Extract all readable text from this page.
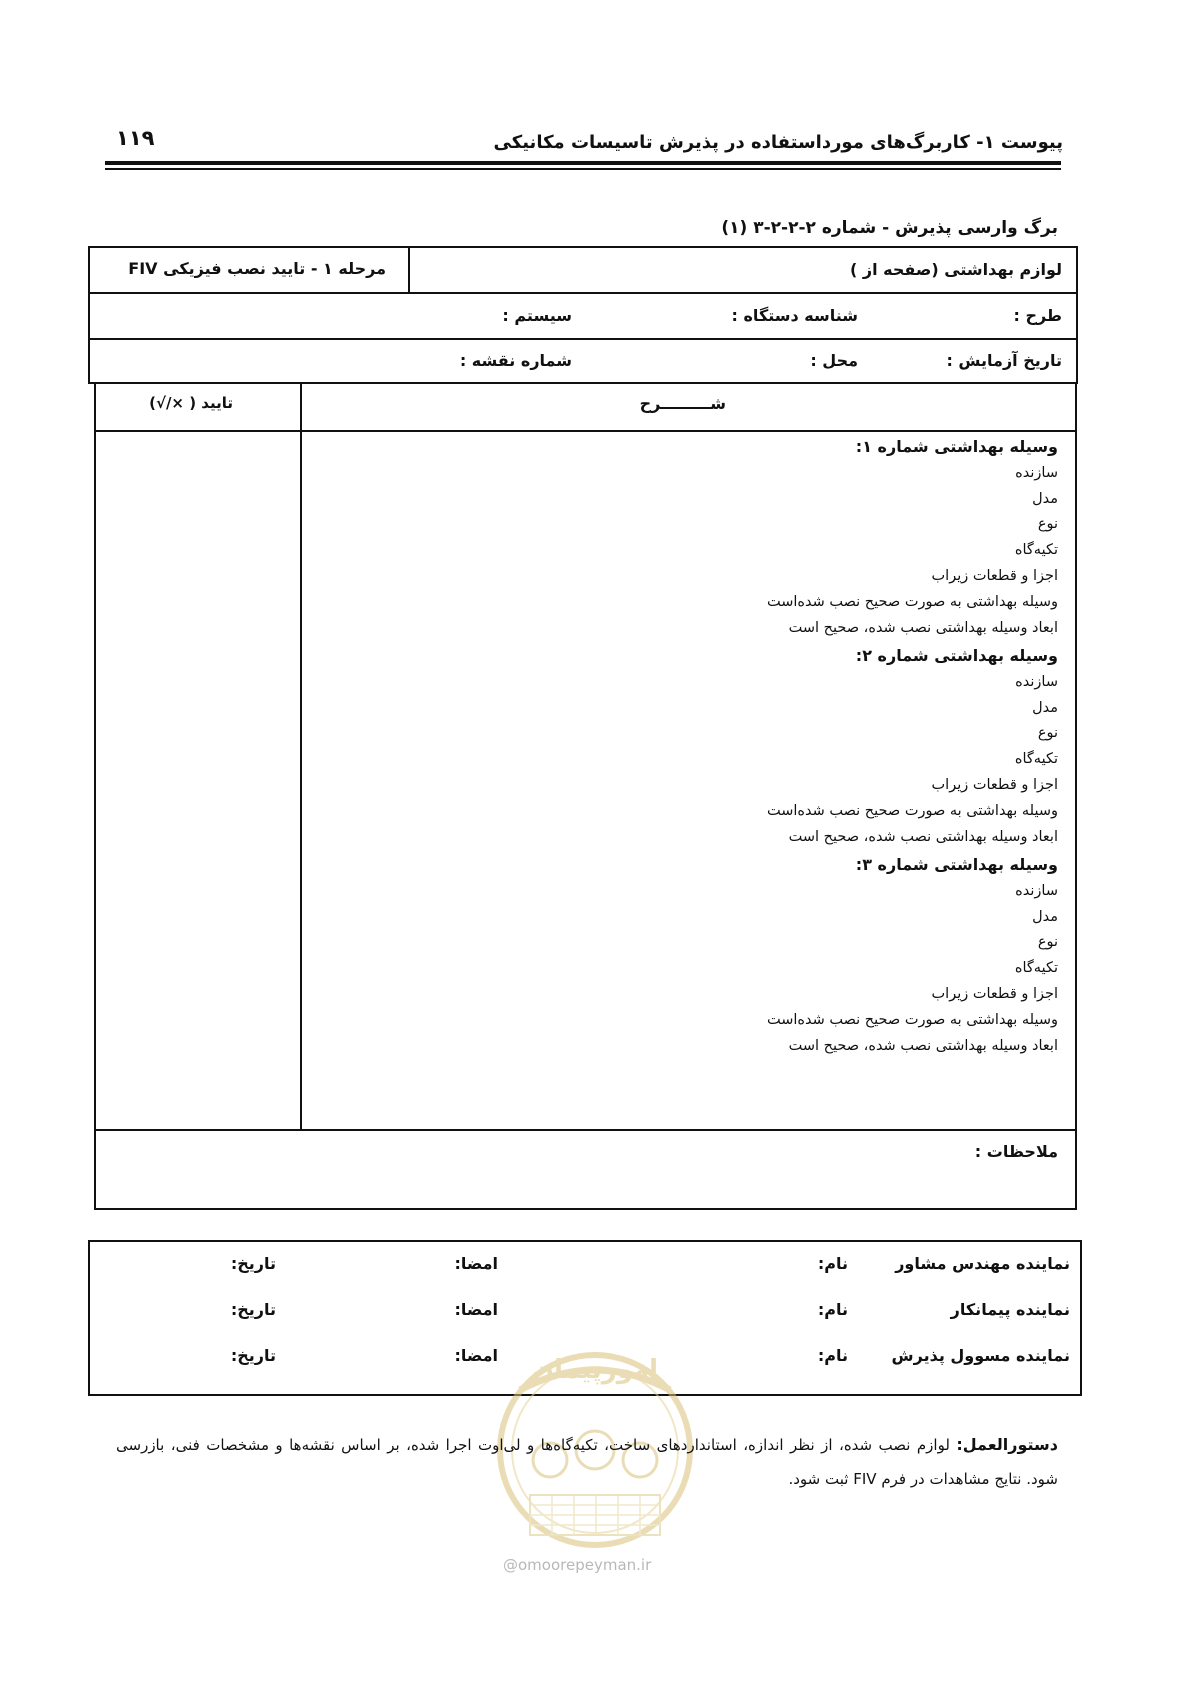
۱۱۹	پیوست ۱- کاربرگ‌های مورداستفاده در پذیرش تاسیسات مکانیکی
برگ وارسی پذیرش - شماره ۲-۲-۲-۳ (۱)
لوازم بهداشتی (صفحه از )
مرحله ۱ - تایید نصب فیزیکی FIV
طرح :
شناسه دستگاه :
سیستم :
تاریخ آزمایش :
محل :
شماره نقشه :
شـــــــــرح
تایید ( ×/√)
وسیله بهداشتی شماره ۱:
سازنده
مدل
نوع
تکیه‌گاه
اجزا و قطعات زیراب
وسیله بهداشتی به صورت صحیح نصب شده‌است
ابعاد وسیله بهداشتی نصب شده، صحیح است
وسیله بهداشتی شماره ۲:
سازنده
مدل
نوع
تکیه‌گاه
اجزا و قطعات زیراب
وسیله بهداشتی به صورت صحیح نصب شده‌است
ابعاد وسیله بهداشتی نصب شده، صحیح است
وسیله بهداشتی شماره ۳:
سازنده
مدل
نوع
تکیه‌گاه
اجزا و قطعات زیراب
وسیله بهداشتی به صورت صحیح نصب شده‌است
ابعاد وسیله بهداشتی نصب شده، صحیح است
ملاحظات :
نماینده مهندس مشاور
نام:
امضا:
تاریخ:
نماینده پیمانکار
نام:
امضا:
تاریخ:
نماینده مسوول پذیرش
نام:
امضا:
تاریخ:	امورپیمان
@omoorepeyman.ir
دستورالعمل: لوازم نصب شده، از نظر اندازه، استانداردهای ساخت، تکیه‌گاه‌ها و لی‌اوت اجرا شده، بر اساس نقشه‌ها و مشخصات فنی، بازرسی شود. نتایج مشاهدات در فرم FIV ثبت شود.
